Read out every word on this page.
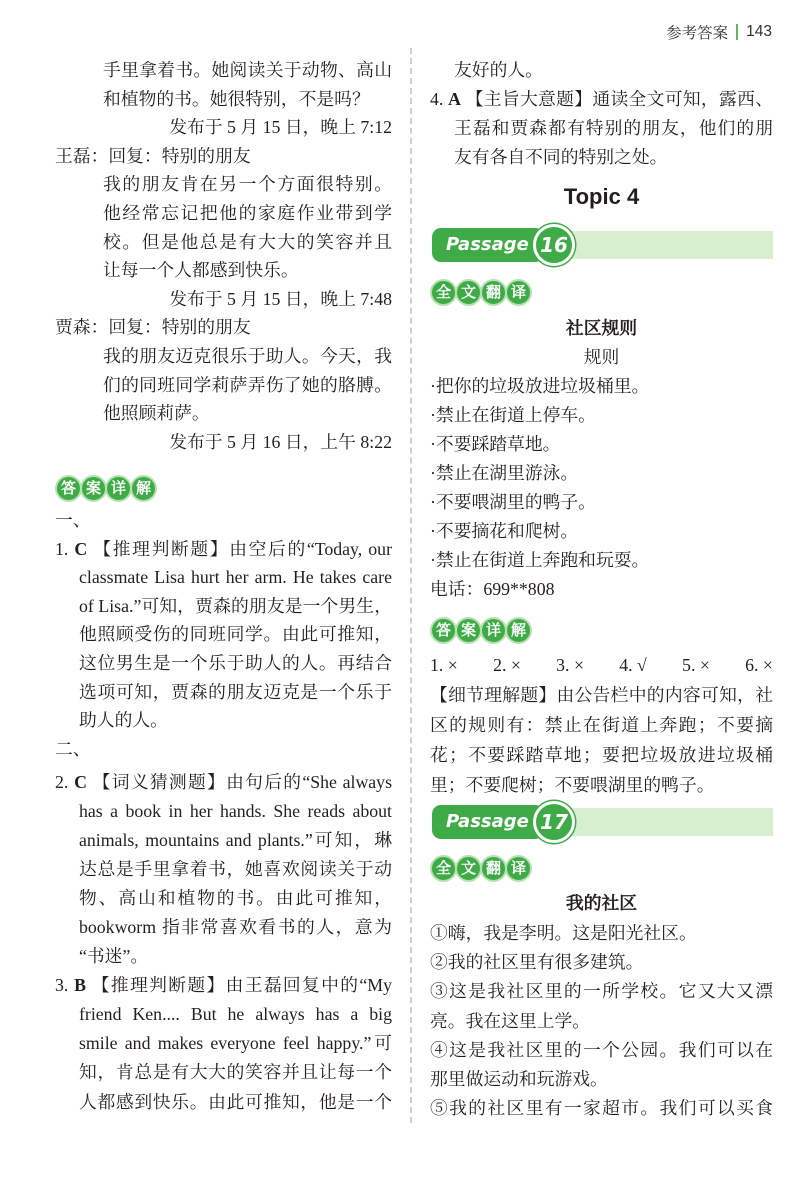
参考答案 143
手里拿着书。她阅读关于动物、高山
和植物的书。她很特别，不是吗？
发布于 5 月 15 日，晚上 7:12
王磊：回复：特别的朋友
我的朋友肯在另一个方面很特别。
他经常忘记把他的家庭作业带到学
校。但是他总是有大大的笑容并且
让每一个人都感到快乐。
发布于 5 月 15 日，晚上 7:48
贾森：回复：特别的朋友
我的朋友迈克很乐于助人。今天，我
们的同班同学莉萨弄伤了她的胳膊。
他照顾莉萨。
发布于 5 月 16 日，上午 8:22
答 案 详 解
一、
1. C 【推理判断题】由空后的“Today, our
classmate Lisa hurt her arm. He takes care
of Lisa.”可知，贾森的朋友是一个男生，
他照顾受伤的同班同学。由此可推知，
这位男生是一个乐于助人的人。再结合
选项可知，贾森的朋友迈克是一个乐于
助人的人。
二、
2. C 【词义猜测题】由句后的“She always
has a book in her hands. She reads about
animals, mountains and plants.”可知，琳
达总是手里拿着书，她喜欢阅读关于动
物、高山和植物的书。由此可推知，
bookworm 指非常喜欢看书的人，意为
“书迷”。
3. B 【推理判断题】由王磊回复中的“My
friend Ken.... But he always has a big
smile and makes everyone feel happy.”可
知，肯总是有大大的笑容并且让每一个
人都感到快乐。由此可推知，他是一个
友好的人。
4. A 【主旨大意题】通读全文可知，露西、
王磊和贾森都有特别的朋友，他们的朋
友有各自不同的特别之处。
Topic 4
Passage 16
全 文 翻 译
社区规则
规则
·把你的垃圾放进垃圾桶里。
·禁止在街道上停车。
·不要踩踏草地。
·禁止在湖里游泳。
·不要喂湖里的鸭子。
·不要摘花和爬树。
·禁止在街道上奔跑和玩耍。
电话：699**808
答 案 详 解
1. × 2. × 3. × 4. √ 5. × 6. ×
【细节理解题】由公告栏中的内容可知，社
区的规则有：禁止在街道上奔跑；不要摘
花；不要踩踏草地；要把垃圾放进垃圾桶
里；不要爬树；不要喂湖里的鸭子。
Passage 17
全 文 翻 译
我的社区
①嗨，我是李明。这是阳光社区。
②我的社区里有很多建筑。
③这是我社区里的一所学校。它又大又漂
亮。我在这里上学。
④这是我社区里的一个公园。我们可以在
那里做运动和玩游戏。
⑤我的社区里有一家超市。我们可以买食
